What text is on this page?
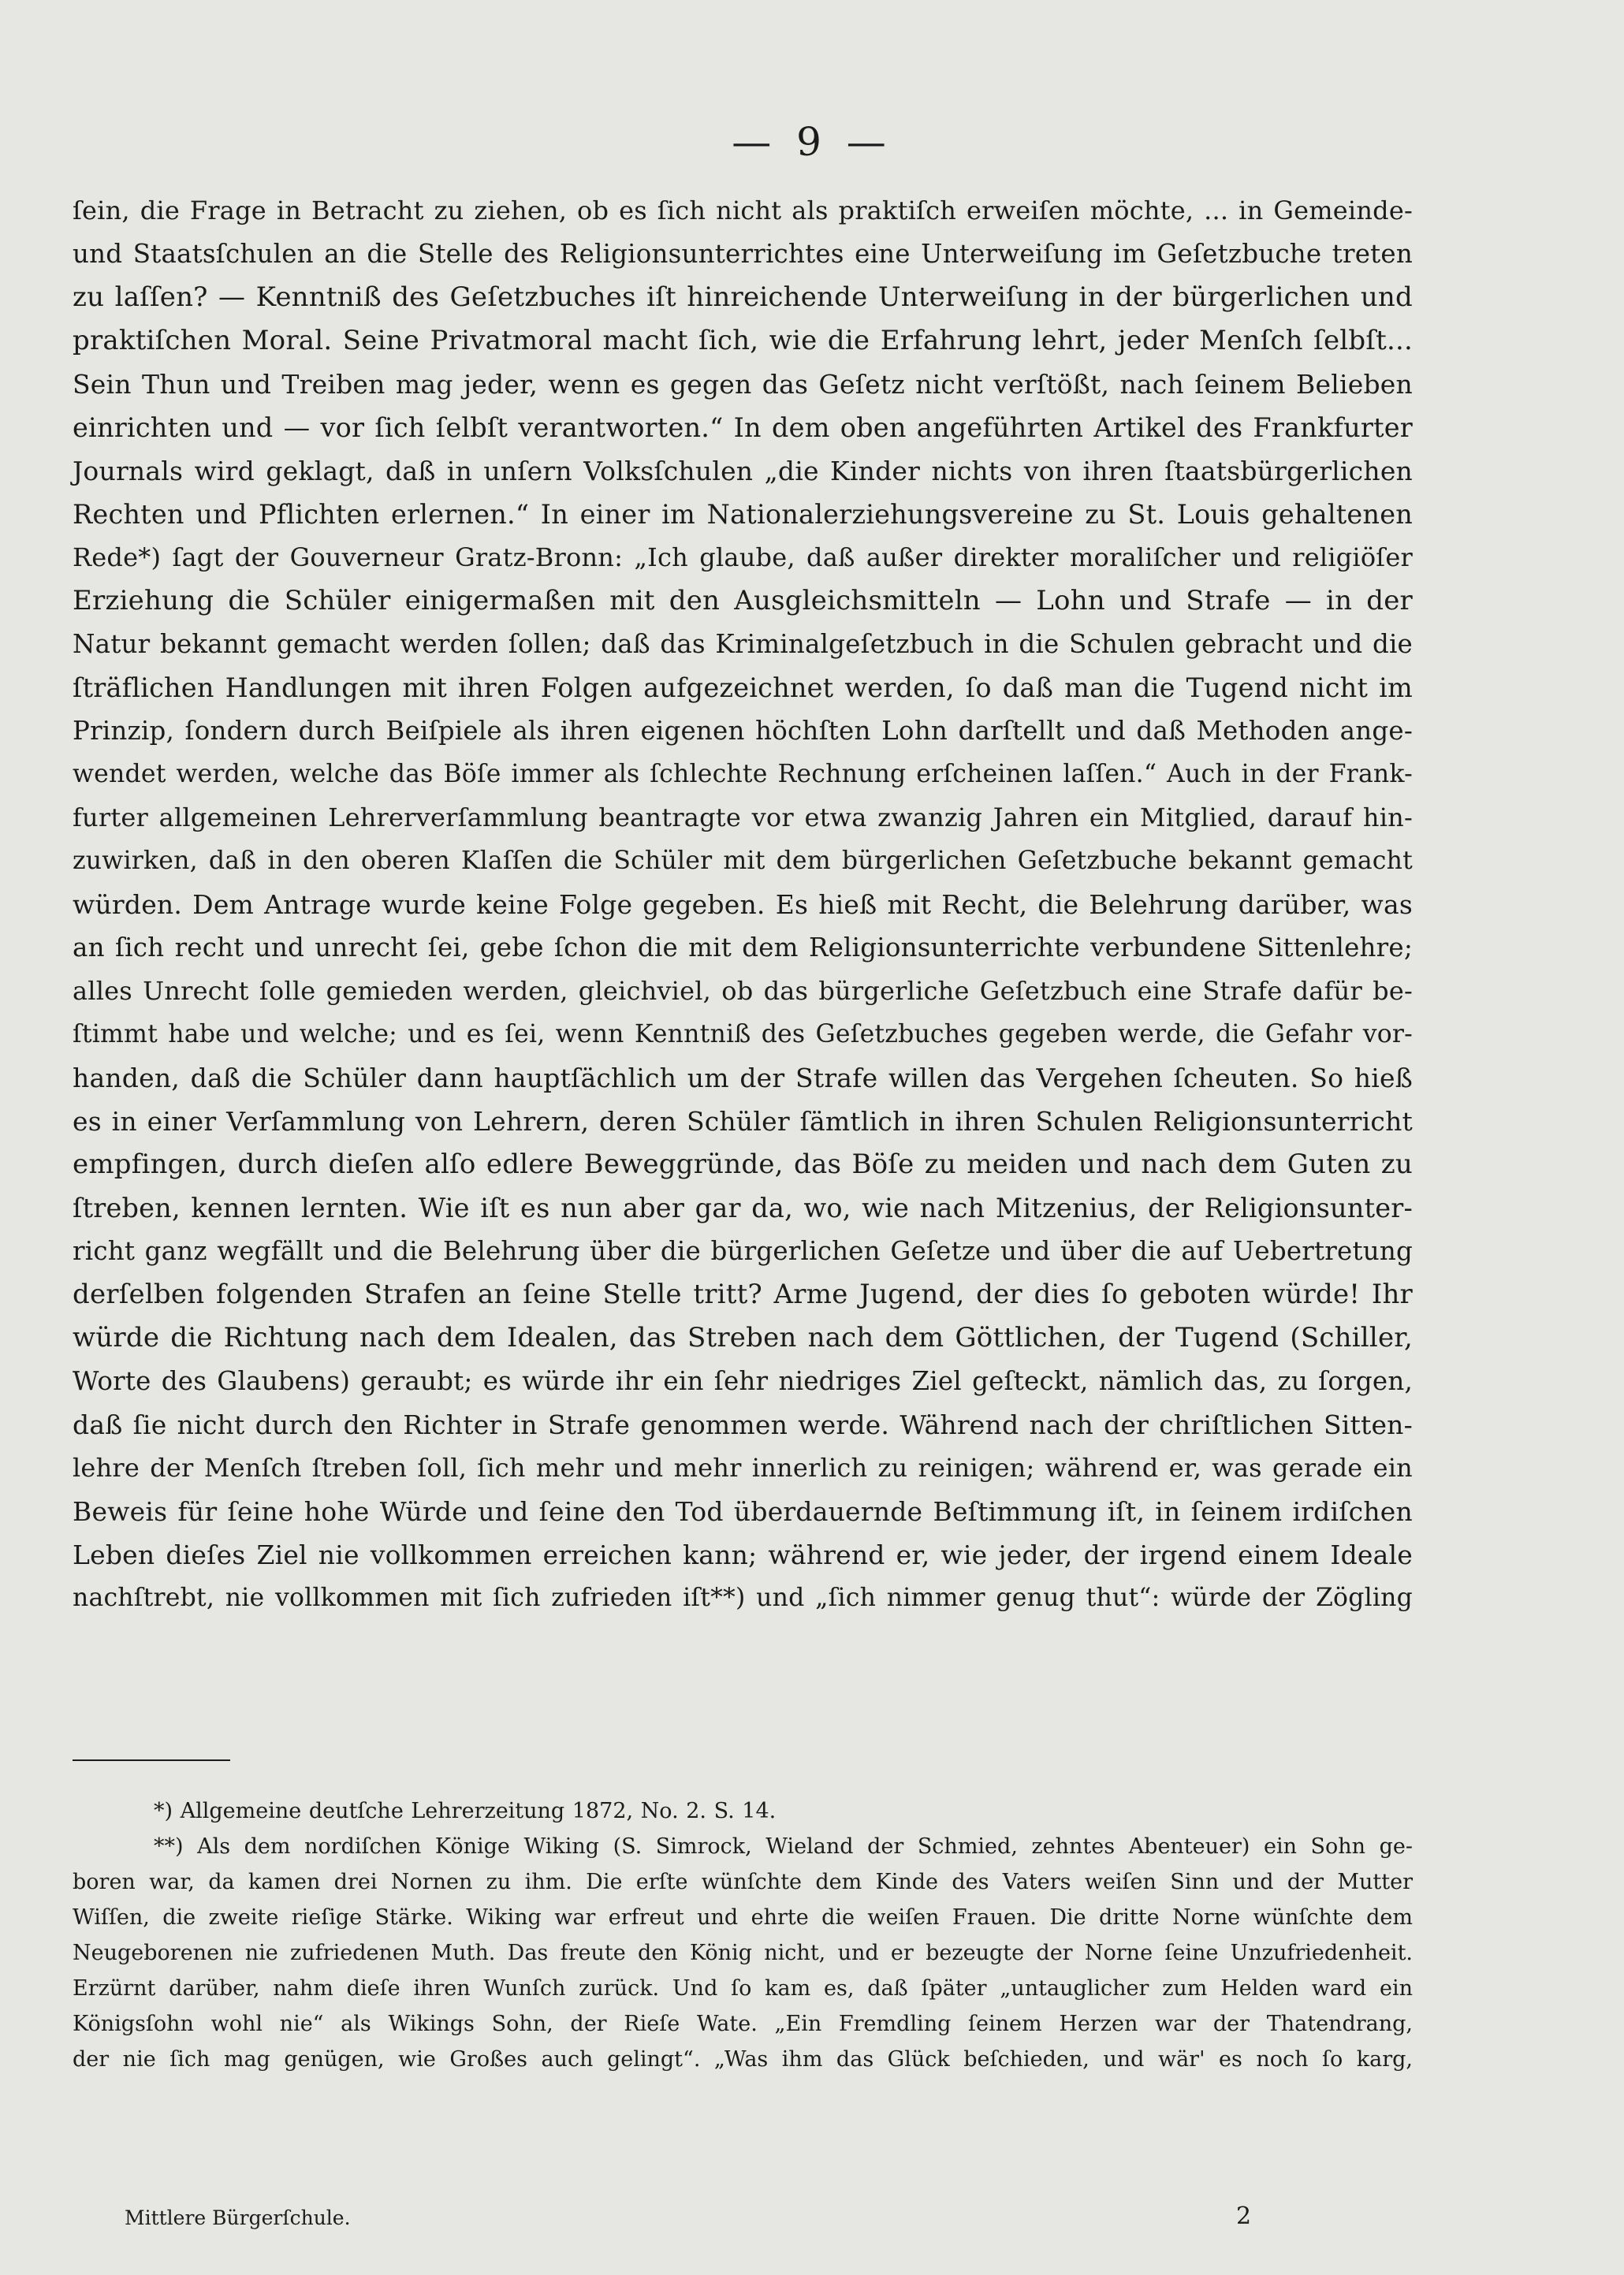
— 9 —
ſein, die Frage in Betracht zu ziehen, ob es ſich nicht als praktiſch erweiſen möchte, ... in Gemeinde-
und Staatsſchulen an die Stelle des Religionsunterrichtes eine Unterweiſung im Geſetzbuche treten
zu laſſen? — Kenntniß des Geſetzbuches iſt hinreichende Unterweiſung in der bürgerlichen und
praktiſchen Moral. Seine Privatmoral macht ſich, wie die Erfahrung lehrt, jeder Menſch ſelbſt...
Sein Thun und Treiben mag jeder, wenn es gegen das Geſetz nicht verſtößt, nach ſeinem Belieben
einrichten und — vor ſich ſelbſt verantworten.“ In dem oben angeführten Artikel des Frankfurter
Journals wird geklagt, daß in unſern Volksſchulen „die Kinder nichts von ihren ſtaatsbürgerlichen
Rechten und Pflichten erlernen.“ In einer im Nationalerziehungsvereine zu St. Louis gehaltenen
Rede*) ſagt der Gouverneur Gratz-Bronn: „Ich glaube, daß außer direkter moraliſcher und religiöſer
Erziehung die Schüler einigermaßen mit den Ausgleichsmitteln — Lohn und Strafe — in der
Natur bekannt gemacht werden ſollen; daß das Kriminalgeſetzbuch in die Schulen gebracht und die
ſträflichen Handlungen mit ihren Folgen aufgezeichnet werden, ſo daß man die Tugend nicht im
Prinzip, ſondern durch Beiſpiele als ihren eigenen höchſten Lohn darſtellt und daß Methoden ange-
wendet werden, welche das Böſe immer als ſchlechte Rechnung erſcheinen laſſen.“ Auch in der Frank-
furter allgemeinen Lehrerverſammlung beantragte vor etwa zwanzig Jahren ein Mitglied, darauf hin-
zuwirken, daß in den oberen Klaſſen die Schüler mit dem bürgerlichen Geſetzbuche bekannt gemacht
würden. Dem Antrage wurde keine Folge gegeben. Es hieß mit Recht, die Belehrung darüber, was
an ſich recht und unrecht ſei, gebe ſchon die mit dem Religionsunterrichte verbundene Sittenlehre;
alles Unrecht ſolle gemieden werden, gleichviel, ob das bürgerliche Geſetzbuch eine Strafe dafür be-
ſtimmt habe und welche; und es ſei, wenn Kenntniß des Geſetzbuches gegeben werde, die Gefahr vor-
handen, daß die Schüler dann hauptſächlich um der Strafe willen das Vergehen ſcheuten. So hieß
es in einer Verſammlung von Lehrern, deren Schüler ſämtlich in ihren Schulen Religionsunterricht
empfingen, durch dieſen alſo edlere Beweggründe, das Böſe zu meiden und nach dem Guten zu
ſtreben, kennen lernten. Wie iſt es nun aber gar da, wo, wie nach Mitzenius, der Religionsunter-
richt ganz wegfällt und die Belehrung über die bürgerlichen Geſetze und über die auf Uebertretung
derſelben folgenden Strafen an ſeine Stelle tritt? Arme Jugend, der dies ſo geboten würde! Ihr
würde die Richtung nach dem Idealen, das Streben nach dem Göttlichen, der Tugend (Schiller,
Worte des Glaubens) geraubt; es würde ihr ein ſehr niedriges Ziel geſteckt, nämlich das, zu ſorgen,
daß ſie nicht durch den Richter in Strafe genommen werde. Während nach der chriſtlichen Sitten-
lehre der Menſch ſtreben ſoll, ſich mehr und mehr innerlich zu reinigen; während er, was gerade ein
Beweis für ſeine hohe Würde und ſeine den Tod überdauernde Beſtimmung iſt, in ſeinem irdiſchen
Leben dieſes Ziel nie vollkommen erreichen kann; während er, wie jeder, der irgend einem Ideale
nachſtrebt, nie vollkommen mit ſich zufrieden iſt**) und „ſich nimmer genug thut“: würde der Zögling
*) Allgemeine deutſche Lehrerzeitung 1872, No. 2. S. 14.
**) Als dem nordiſchen Könige Wiking (S. Simrock, Wieland der Schmied, zehntes Abenteuer) ein Sohn ge-
boren war, da kamen drei Nornen zu ihm. Die erſte wünſchte dem Kinde des Vaters weiſen Sinn und der Mutter
Wiſſen, die zweite rieſige Stärke. Wiking war erfreut und ehrte die weiſen Frauen. Die dritte Norne wünſchte dem
Neugeborenen nie zufriedenen Muth. Das freute den König nicht, und er bezeugte der Norne ſeine Unzufriedenheit.
Erzürnt darüber, nahm dieſe ihren Wunſch zurück. Und ſo kam es, daß ſpäter „untauglicher zum Helden ward ein
Königsſohn wohl nie“ als Wikings Sohn, der Rieſe Wate. „Ein Fremdling ſeinem Herzen war der Thatendrang,
der nie ſich mag genügen, wie Großes auch gelingt“. „Was ihm das Glück beſchieden, und wär' es noch ſo karg,
Mittlere Bürgerſchule.	2
